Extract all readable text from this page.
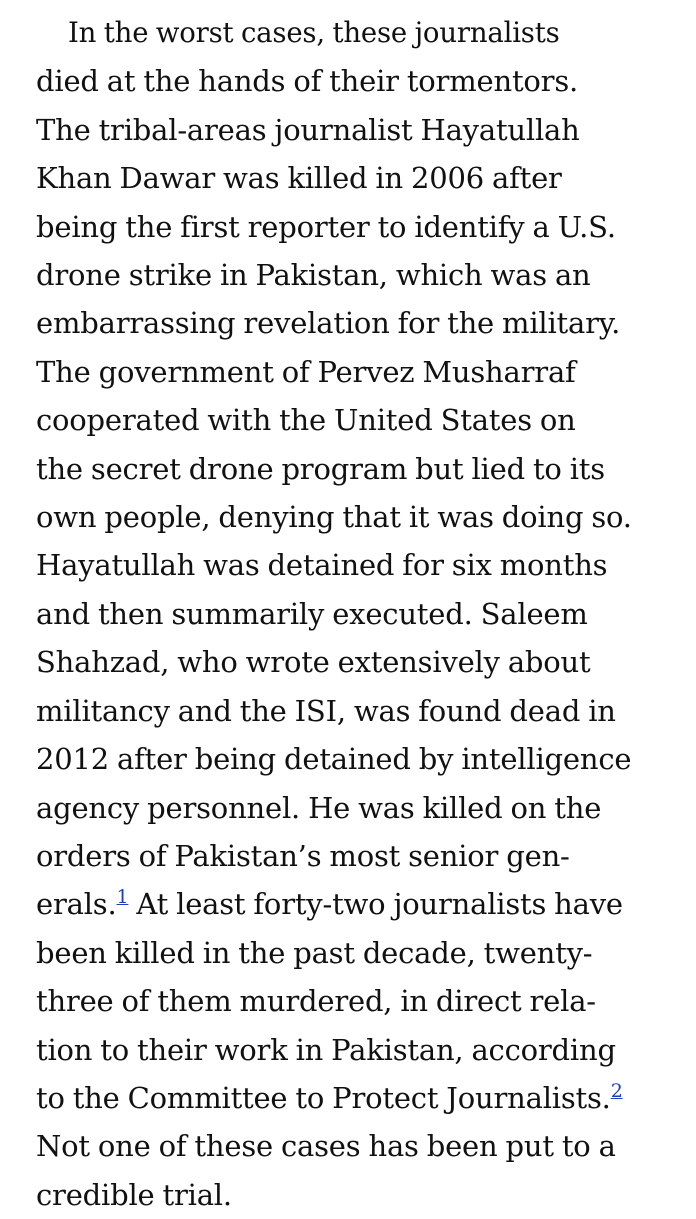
In the worst cases, these journalists
died at the hands of their tormentors.
The tribal-areas journalist Hayatullah
Khan Dawar was killed in 2006 after
being the first reporter to identify a U.S.
drone strike in Pakistan, which was an
embarrassing revelation for the military.
The government of Pervez Musharraf
cooperated with the United States on
the secret drone program but lied to its
own people, denying that it was doing so.
Hayatullah was detained for six months
and then summarily executed. Saleem
Shahzad, who wrote extensively about
militancy and the ISI, was found dead in
2012 after being detained by intelligence
agency personnel. He was killed on the
orders of Pakistan’s most senior gen-
erals.$^1$ At least forty-two journalists have
been killed in the past decade, twenty-
three of them murdered, in direct rela-
tion to their work in Pakistan, according
to the Committee to Protect Journalists.$^2$
Not one of these cases has been put to a
credible trial.
